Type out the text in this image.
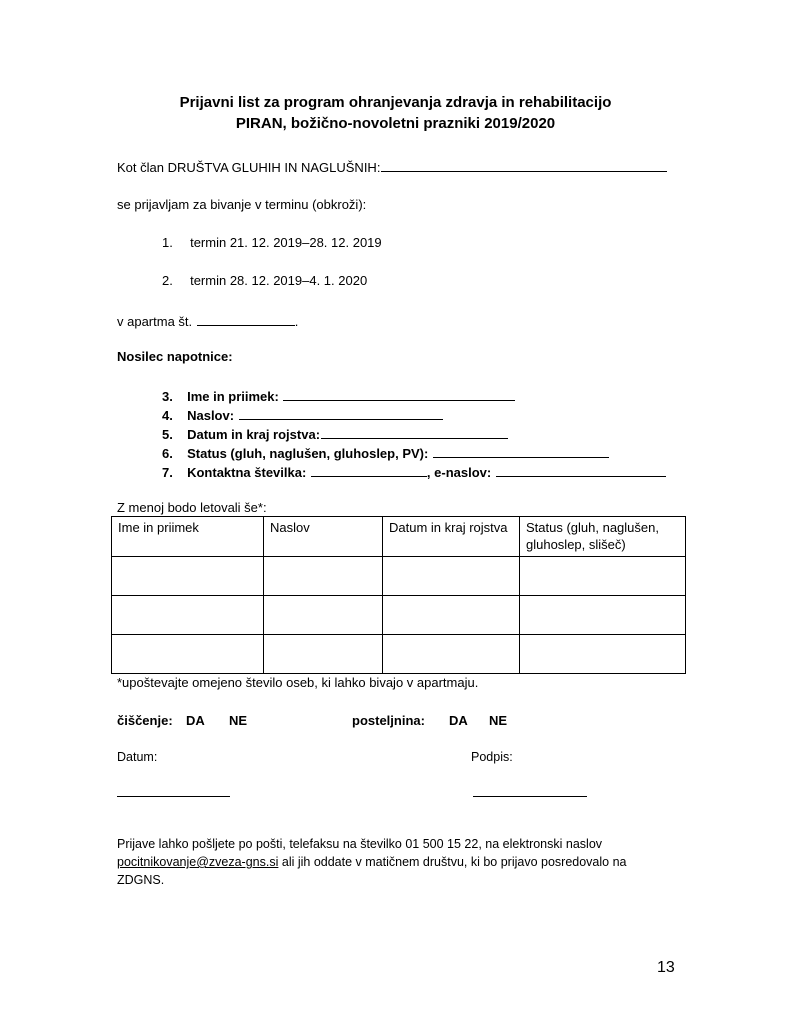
Prijavni list za program ohranjevanja zdravja in rehabilitacijo
PIRAN, božično-novoletni prazniki 2019/2020
Kot član DRUŠTVA GLUHIH IN NAGLUŠNIH:
se prijavljam za bivanje v terminu (obkroži):
1. termin 21. 12. 2019–28. 12. 2019
2. termin 28. 12. 2019–4. 1. 2020
v apartma št.	.
Nosilec napotnice:
3. Ime in priimek:
4. Naslov:
5. Datum in kraj rojstva:
6. Status (gluh, naglušen, gluhoslep, PV):
7. Kontaktna številka:	, e-naslov:
Z menoj bodo letovali še*:
Ime in priimek	Naslov	Datum in kraj rojstva	Status (gluh, naglušen, gluhoslep, slišeč)

*upoštevajte omejeno število oseb, ki lahko bivajo v apartmaju.
čiščenje: DA NE	posteljnina: DA NE
Datum:	Podpis:
Prijave lahko pošljete po pošti, telefaksu na številko 01 500 15 22, na elektronski naslov
pocitnikovanje@zveza-gns.si ali jih oddate v matičnem društvu, ki bo prijavo posredovalo na
ZDGNS.
13
